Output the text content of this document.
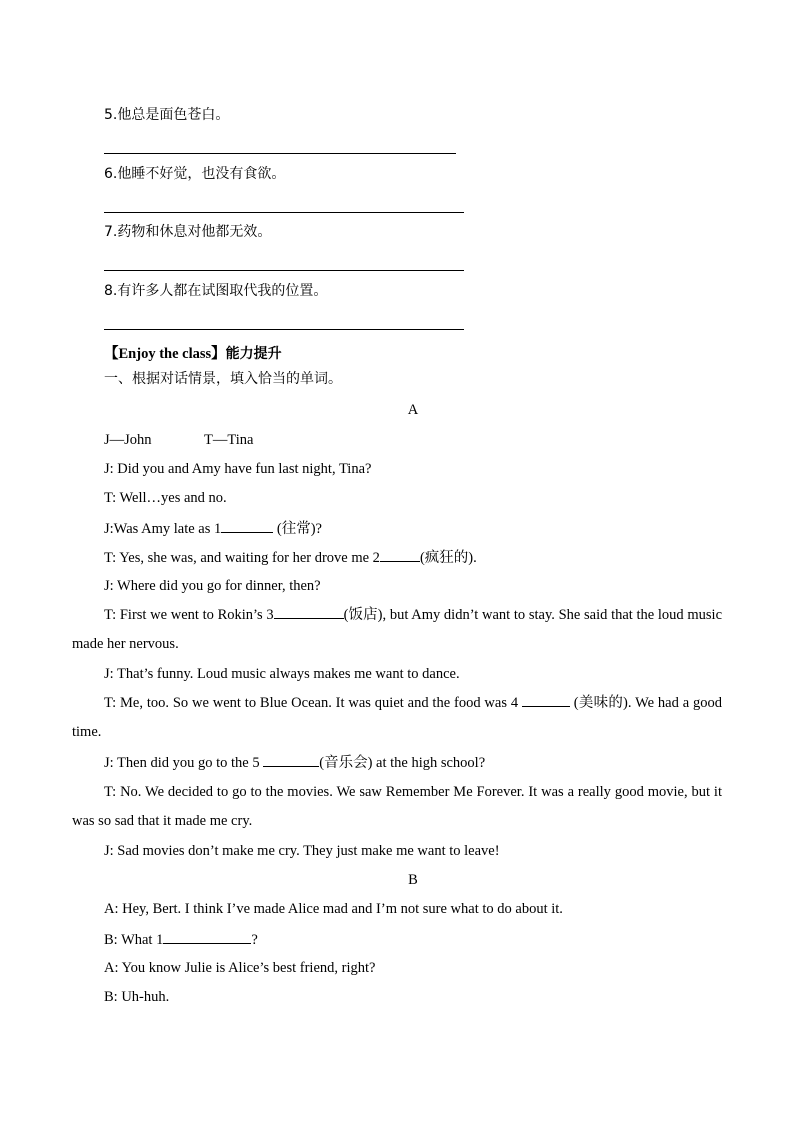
5.他总是面色苍白。
6.他睡不好觉，也没有食欲。
7.药物和休息对他都无效。
8.有许多人都在试图取代我的位置。
【Enjoy the class】能力提升
一、根据对话情景，填入恰当的单词。
A
J—John	T—Tina
J: Did you and Amy have fun last night, Tina?
T: Well…yes and no.
J:Was Amy late as 1	(往常)?
T: Yes, she was, and waiting for her drove me 2	(疯狂的).
J: Where did you go for dinner, then?
T: First we went to Rokin’s 3	(饭店), but Amy didn’t want to stay. She said that the loud music made her nervous.
J: That’s funny. Loud music always makes me want to dance.
T: Me, too. So we went to Blue Ocean. It was quiet and the food was 4	(美味的). We had a good time.
J: Then did you go to the 5	(音乐会) at the high school?
T: No. We decided to go to the movies. We saw Remember Me Forever. It was a really good movie, but it was so sad that it made me cry.
J: Sad movies don’t make me cry. They just make me want to leave!
B
A: Hey, Bert. I think I’ve made Alice mad and I’m not sure what to do about it.
B: What 1	?
A: You know Julie is Alice’s best friend, right?
B: Uh-huh.
